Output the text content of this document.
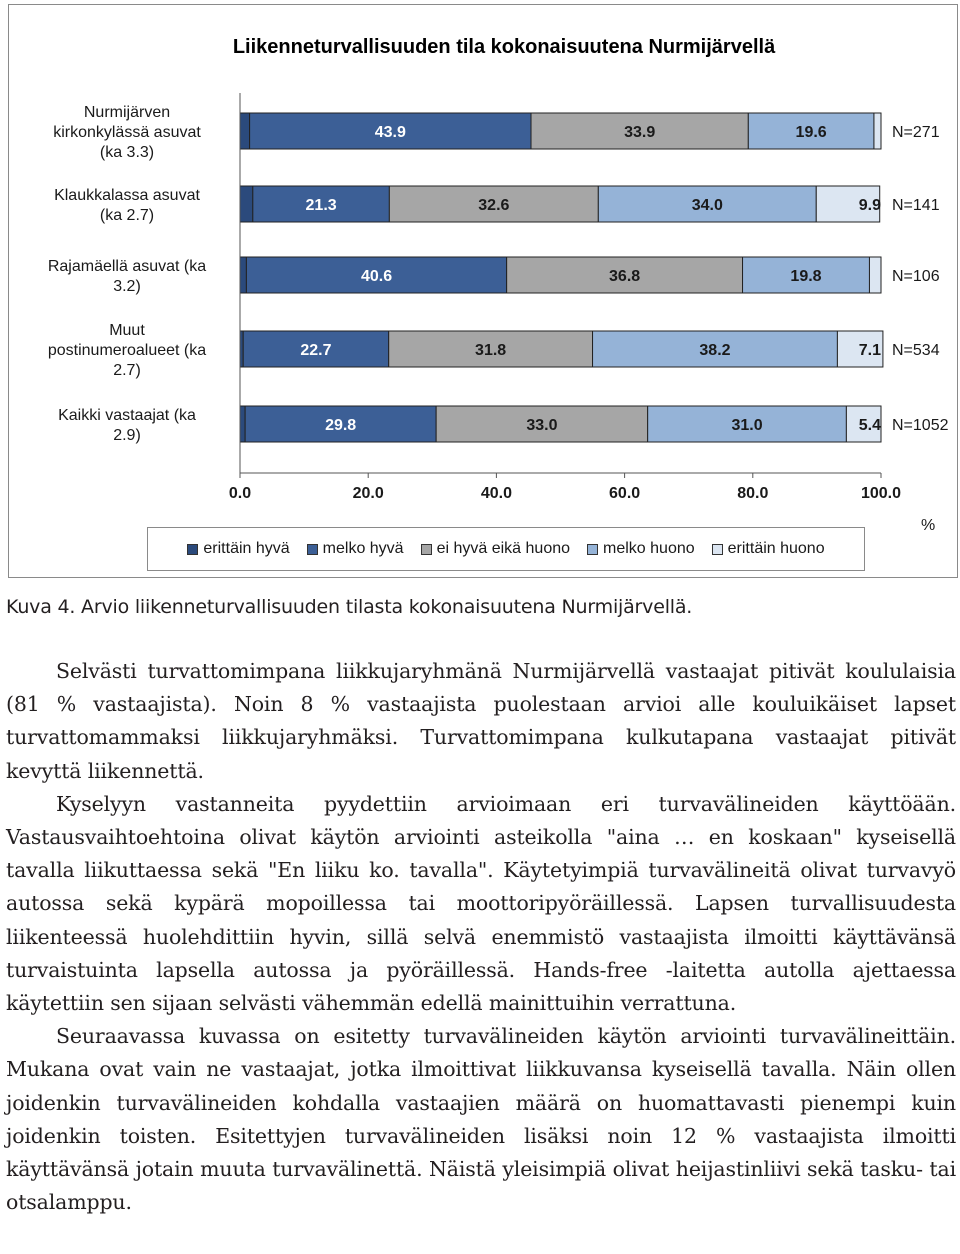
Liikenneturvallisuuden tila kokonaisuutena Nurmijärvellä
43.9	33.9	19.6
Nurmijärven
kirkonkylässä asuvat
(ka 3.3)
N=271
21.3	32.6	34.0	9.9
Klaukkalassa asuvat
(ka 2.7)
N=141
40.6	36.8	19.8
Rajamäellä asuvat (ka
3.2)
N=106
22.7	31.8	38.2	7.1
Muut
postinumeroalueet (ka
2.7)
N=534
29.8	33.0	31.0	5.4
Kaikki vastaajat (ka
2.9)
N=1052
0.0	20.0	40.0	60.0	80.0	100.0
erittäin hyvä melko hyvä ei hyvä eikä huono melko huono erittäin huono
%
Kuva 4. Arvio liikenneturvallisuuden tilasta kokonaisuutena Nurmijärvellä.

Selvästi turvattomimpana liikkujaryhmänä Nurmijärvellä vastaajat pitivät koululaisia (81 % vastaajista). Noin 8 % vastaajista puolestaan arvioi alle kouluikäiset lapset turvattomammaksi liikkujaryhmäksi. Turvattomimpana kulkutapana vastaajat pitivät kevyttä liikennettä.

Kyselyyn vastanneita pyydettiin arvioimaan eri turvavälineiden käyttöään. Vastausvaihtoehtoina olivat käytön arviointi asteikolla "aina … en koskaan" kyseisellä tavalla liikuttaessa sekä "En liiku ko. tavalla". Käytetyimpiä turvavälineitä olivat turvavyö autossa sekä kypärä mopoillessa tai moottoripyöräillessä. Lapsen turvallisuudesta liikenteessä huolehdittiin hyvin, sillä selvä enemmistö vastaajista ilmoitti käyttävänsä turvaistuinta lapsella autossa ja pyöräillessä. Hands-free -laitetta autolla ajettaessa käytettiin sen sijaan selvästi vähemmän edellä mainittuihin verrattuna.

Seuraavassa kuvassa on esitetty turvavälineiden käytön arviointi turvavälineittäin. Mukana ovat vain ne vastaajat, jotka ilmoittivat liikkuvansa kyseisellä tavalla. Näin ollen joidenkin turvavälineiden kohdalla vastaajien määrä on huomattavasti pienempi kuin joidenkin toisten. Esitettyjen turvavälineiden lisäksi noin 12 % vastaajista ilmoitti käyttävänsä jotain muuta turvavälinettä. Näistä yleisimpiä olivat heijastinliivi sekä tasku- tai otsalamppu.
